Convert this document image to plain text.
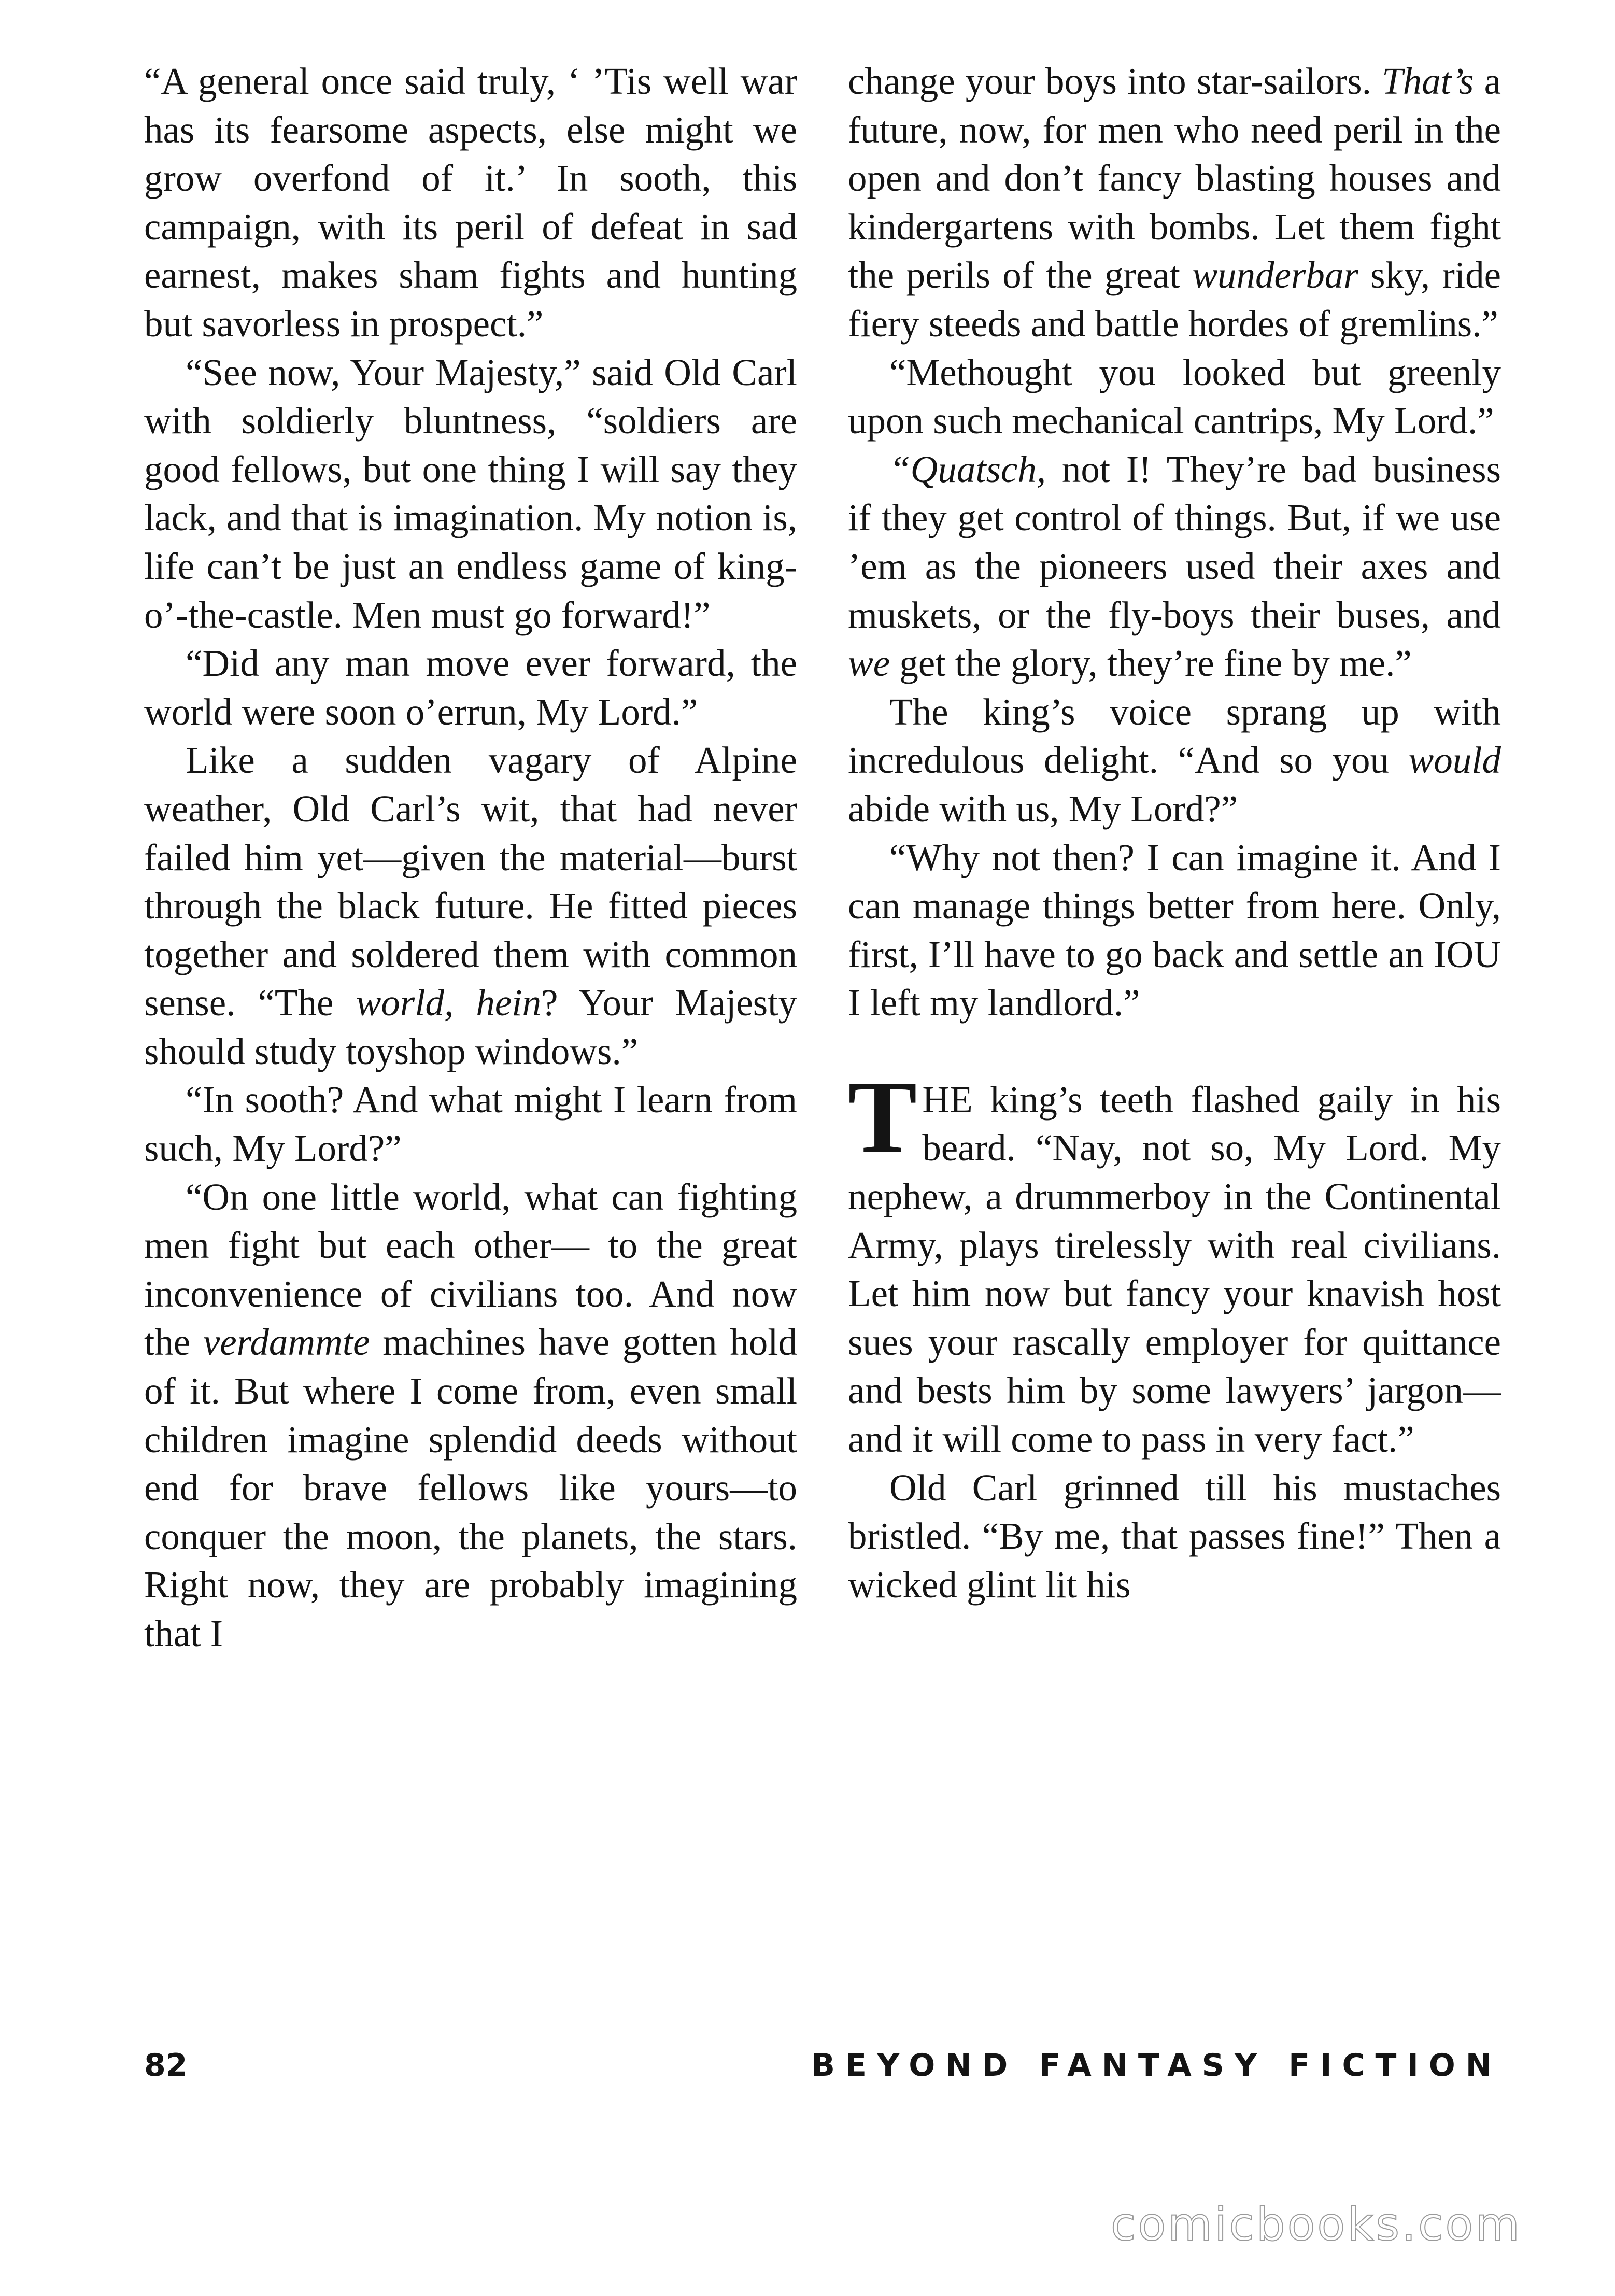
“A general once said truly, ‘ ’Tis well war has its fearsome aspects, else might we grow overfond of it.’ In sooth, this campaign, with its peril of defeat in sad earnest, makes sham fights and hunting but savorless in prospect.”

“See now, Your Majesty,” said Old Carl with soldierly bluntness, “soldiers are good fellows, but one thing I will say they lack, and that is imagination. My notion is, life can’t be just an endless game of king-o’-the-castle. Men must go forward!”

“Did any man move ever forward, the world were soon o’errun, My Lord.”

Like a sudden vagary of Alpine weather, Old Carl’s wit, that had never failed him yet—given the material—burst through the black future. He fitted pieces together and soldered them with common sense. “The world, hein? Your Majesty should study toyshop windows.”

“In sooth? And what might I learn from such, My Lord?”

“On one little world, what can fighting men fight but each other— to the great inconvenience of civilians too. And now the verdammte machines have gotten hold of it. But where I come from, even small children imagine splendid deeds without end for brave fellows like yours—to conquer the moon, the planets, the stars. Right now, they are probably imagining that I

change your boys into star-sailors. That’s a future, now, for men who need peril in the open and don’t fancy blasting houses and kindergartens with bombs. Let them fight the perils of the great wunderbar sky, ride fiery steeds and battle hordes of gremlins.”

“Methought you looked but greenly upon such mechanical cantrips, My Lord.”

“Quatsch, not I! They’re bad business if they get control of things. But, if we use ’em as the pioneers used their axes and muskets, or the fly-boys their buses, and we get the glory, they’re fine by me.”

The king’s voice sprang up with incredulous delight. “And so you would abide with us, My Lord?”

“Why not then? I can imagine it. And I can manage things better from here. Only, first, I’ll have to go back and settle an IOU I left my landlord.”

THE king’s teeth flashed gaily in his beard. “Nay, not so, My Lord. My nephew, a drummerboy in the Continental Army, plays tirelessly with real civilians. Let him now but fancy your knavish host sues your rascally employer for quittance and bests him by some lawyers’ jargon—and it will come to pass in very fact.”

Old Carl grinned till his mustaches bristled. “By me, that passes fine!” Then a wicked glint lit his

82	BEYOND FANTASY FICTION
comicbooks.com
